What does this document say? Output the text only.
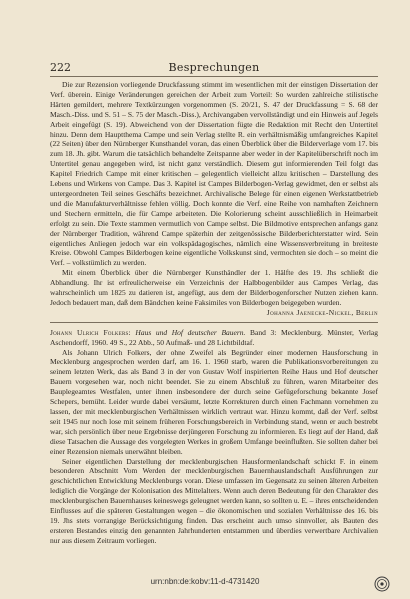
222	Besprechungen

Die zur Rezension vorliegende Druckfassung stimmt im wesentlichen mit der einstigen Dissertation der Verf. überein. Einige Veränderungen gereichen der Arbeit zum Vorteil: So wurden zahlreiche stilistische Härten gemildert, mehrere Textkürzungen vorgenommen (S. 20/21, S. 47 der Druckfassung = S. 68 der Masch.-Diss. und S. 51 – S. 75 der Masch.-Diss.), Archivangaben vervollständigt und ein Hinweis auf Jegels Arbeit eingefügt (S. 19). Abweichend von der Dissertation fügte die Redaktion mit Recht den Untertitel hinzu. Denn dem Hauptthema Campe und sein Verlag stellte R. ein verhältnismäßig umfangreiches Kapitel (22 Seiten) über den Nürnberger Kunsthandel voran, das einen Überblick über die Bilderverlage vom 17. bis zum 18. Jh. gibt. Warum die tatsächlich behandelte Zeitspanne aber weder in der Kapitelüberschrift noch im Untertitel genau angegeben wird, ist nicht ganz verständlich. Diesem gut informierenden Teil folgt das Kapitel Friedrich Campe mit einer kritischen – gelegentlich vielleicht allzu kritischen – Darstellung des Lebens und Wirkens von Campe. Das 3. Kapitel ist Campes Bilderbogen-Verlag gewidmet, den er selbst als untergeordneten Teil seines Geschäfts bezeichnet. Archivalische Belege für einen eigenen Werkstattbetrieb und die Manufakturverhältnisse fehlen völlig. Doch konnte die Verf. eine Reihe von namhaften Zeichnern und Stechern ermitteln, die für Campe arbeiteten. Die Kolorierung scheint ausschließlich in Heimarbeit erfolgt zu sein. Die Texte stammen vermutlich von Campe selbst. Die Bildmotive entsprechen anfangs ganz der Nürnberger Tradition, während Campe späterhin der zeitgenössische Bilderberichterstatter wird. Sein eigentliches Anliegen jedoch war ein volkspädagogisches, nämlich eine Wissensverbreitung in breiteste Kreise. Obwohl Campes Bilderbogen keine eigentliche Volkskunst sind, vermochten sie doch – so meint die Verf. – volkstümlich zu werden.

Mit einem Überblick über die Nürnberger Kunsthändler der 1. Hälfte des 19. Jhs schließt die Abhandlung. Ihr ist erfreulicherweise ein Verzeichnis der Halbbogenbilder aus Campes Verlag, das wahrscheinlich um 1825 zu datieren ist, angefügt, aus dem der Bilderbogenforscher Nutzen ziehen kann. Jedoch bedauert man, daß dem Bändchen keine Faksimiles von Bilderbogen beigegeben wurden.

Johanna Jaenecke-Nickel, Berlin

Johann Ulrich Folkers: Haus und Hof deutscher Bauern. Band 3: Mecklenburg. Münster, Verlag Aschendorff, 1960. 49 S., 22 Abb., 50 Aufmaß- und 28 Lichtbildtaf.

Als Johann Ulrich Folkers, der ohne Zweifel als Begründer einer modernen Hausforschung in Mecklenburg angesprochen werden darf, am 16. 1. 1960 starb, waren die Publikationsvorbereitungen zu seinem letzten Werk, das als Band 3 in der von Gustav Wolf inspirierten Reihe Haus und Hof deutscher Bauern vorgesehen war, noch nicht beendet. Sie zu einem Abschluß zu führen, waren Mitarbeiter des Bauplegeamtes Westfalen, unter ihnen insbesondere der durch seine Gefügeforschung bekannte Josef Schepers, bemüht. Leider wurde dabei versäumt, letzte Korrekturen durch einen Fachmann vornehmen zu lassen, der mit mecklenburgischen Verhältnissen wirklich vertraut war. Hinzu kommt, daß der Verf. selbst seit 1945 nur noch lose mit seinem früheren Forschungsbereich in Verbindung stand, wenn er auch bestrebt war, sich persönlich über neue Ergebnisse derjüngeren Forschung zu informieren. Es liegt auf der Hand, daß diese Tatsachen die Aussage des vorgelegten Werkes in großem Umfange beeinflußten. Sie sollten daher bei einer Rezension niemals unerwähnt bleiben.

Seiner eigentlichen Darstellung der mecklenburgischen Hausformenlandschaft schickt F. in einem besonderen Abschnitt Vom Werden der mecklenburgischen Bauernhauslandschaft Ausführungen zur geschichtlichen Entwicklung Mecklenburgs voran. Diese umfassen im Gegensatz zu seinen älteren Arbeiten lediglich die Vorgänge der Kolonisation des Mittelalters. Wenn auch deren Bedeutung für den Charakter des mecklenburgischen Bauernhauses keineswegs geleugnet werden kann, so sollten u. E. – ihres entscheidenden Einflusses auf die späteren Gestaltungen wegen – die ökonomischen und sozialen Verhältnisse des 16. bis 19. Jhs stets vorrangige Berücksichtigung finden. Das erscheint auch umso sinnvoller, als Bauten des ersteren Bestandes einzig den genannten Jahrhunderten entstammen und überdies verwertbare Archivalien nur aus diesem Zeitraum vorliegen.

urn:nbn:de:kobv:11-d-4731420
